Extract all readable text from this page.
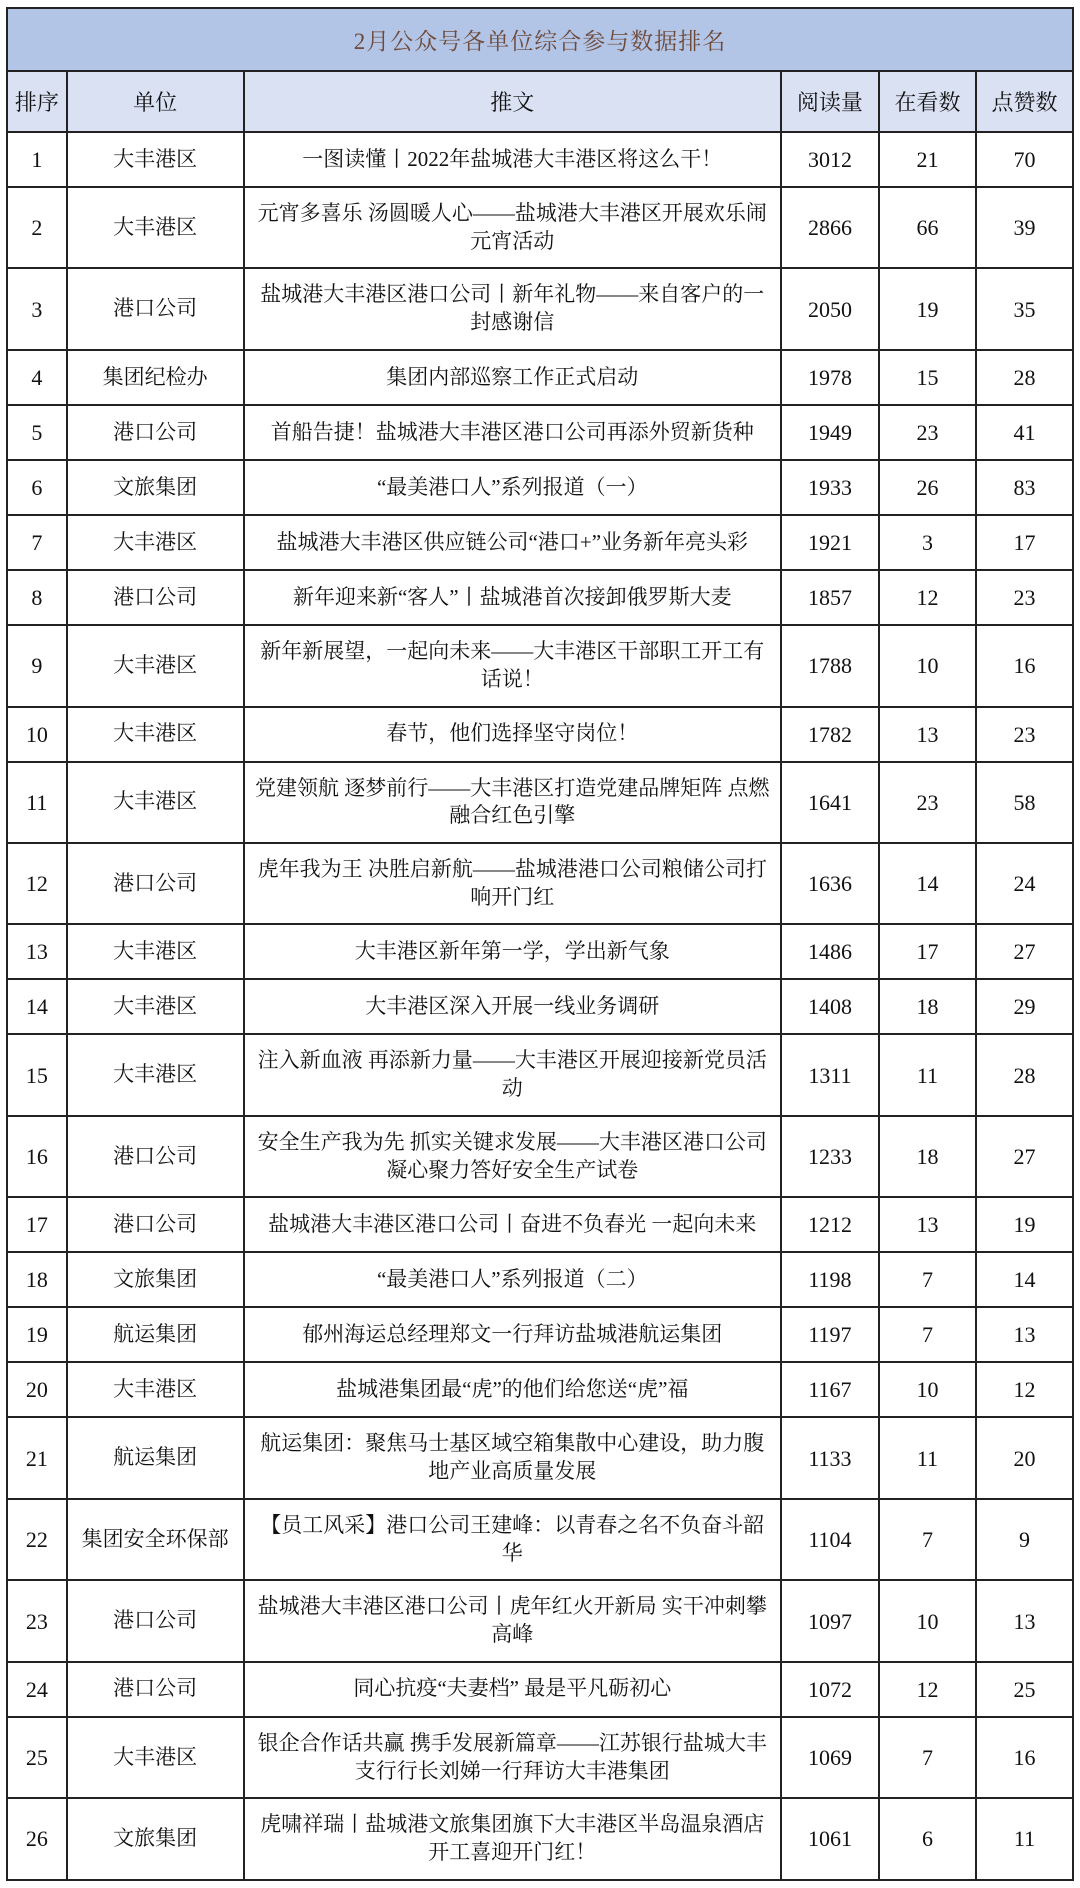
2月公众号各单位综合参与数据排名					
排序	单位	推文	阅读量	在看数	点赞数
1	大丰港区	一图读懂丨2022年盐城港大丰港区将这么干！	3012	21	70
2	大丰港区	元宵多喜乐 汤圆暖人心——盐城港大丰港区开展欢乐闹元宵活动	2866	66	39
3	港口公司	盐城港大丰港区港口公司丨新年礼物——来自客户的一封感谢信	2050	19	35
4	集团纪检办	集团内部巡察工作正式启动	1978	15	28
5	港口公司	首船告捷！盐城港大丰港区港口公司再添外贸新货种	1949	23	41
6	文旅集团	“最美港口人”系列报道（一）	1933	26	83
7	大丰港区	盐城港大丰港区供应链公司“港口+”业务新年亮头彩	1921	3	17
8	港口公司	新年迎来新“客人”丨盐城港首次接卸俄罗斯大麦	1857	12	23
9	大丰港区	新年新展望，一起向未来——大丰港区干部职工开工有话说！	1788	10	16
10	大丰港区	春节，他们选择坚守岗位！	1782	13	23
11	大丰港区	党建领航 逐梦前行——大丰港区打造党建品牌矩阵 点燃融合红色引擎	1641	23	58
12	港口公司	虎年我为王 决胜启新航——盐城港港口公司粮储公司打响开门红	1636	14	24
13	大丰港区	大丰港区新年第一学，学出新气象	1486	17	27
14	大丰港区	大丰港区深入开展一线业务调研	1408	18	29
15	大丰港区	注入新血液 再添新力量——大丰港区开展迎接新党员活动	1311	11	28
16	港口公司	安全生产我为先 抓实关键求发展——大丰港区港口公司凝心聚力答好安全生产试卷	1233	18	27
17	港口公司	盐城港大丰港区港口公司丨奋进不负春光 一起向未来	1212	13	19
18	文旅集团	“最美港口人”系列报道（二）	1198	7	14
19	航运集团	郁州海运总经理郑文一行拜访盐城港航运集团	1197	7	13
20	大丰港区	盐城港集团最“虎”的他们给您送“虎”福	1167	10	12
21	航运集团	航运集团：聚焦马士基区域空箱集散中心建设，助力腹地产业高质量发展	1133	11	20
22	集团安全环保部	【员工风采】港口公司王建峰：以青春之名不负奋斗韶华	1104	7	9
23	港口公司	盐城港大丰港区港口公司丨虎年红火开新局 实干冲刺攀高峰	1097	10	13
24	港口公司	同心抗疫“夫妻档” 最是平凡砺初心	1072	12	25
25	大丰港区	银企合作话共赢 携手发展新篇章——江苏银行盐城大丰支行行长刘娣一行拜访大丰港集团	1069	7	16
26	文旅集团	虎啸祥瑞丨盐城港文旅集团旗下大丰港区半岛温泉酒店开工喜迎开门红！	1061	6	11
